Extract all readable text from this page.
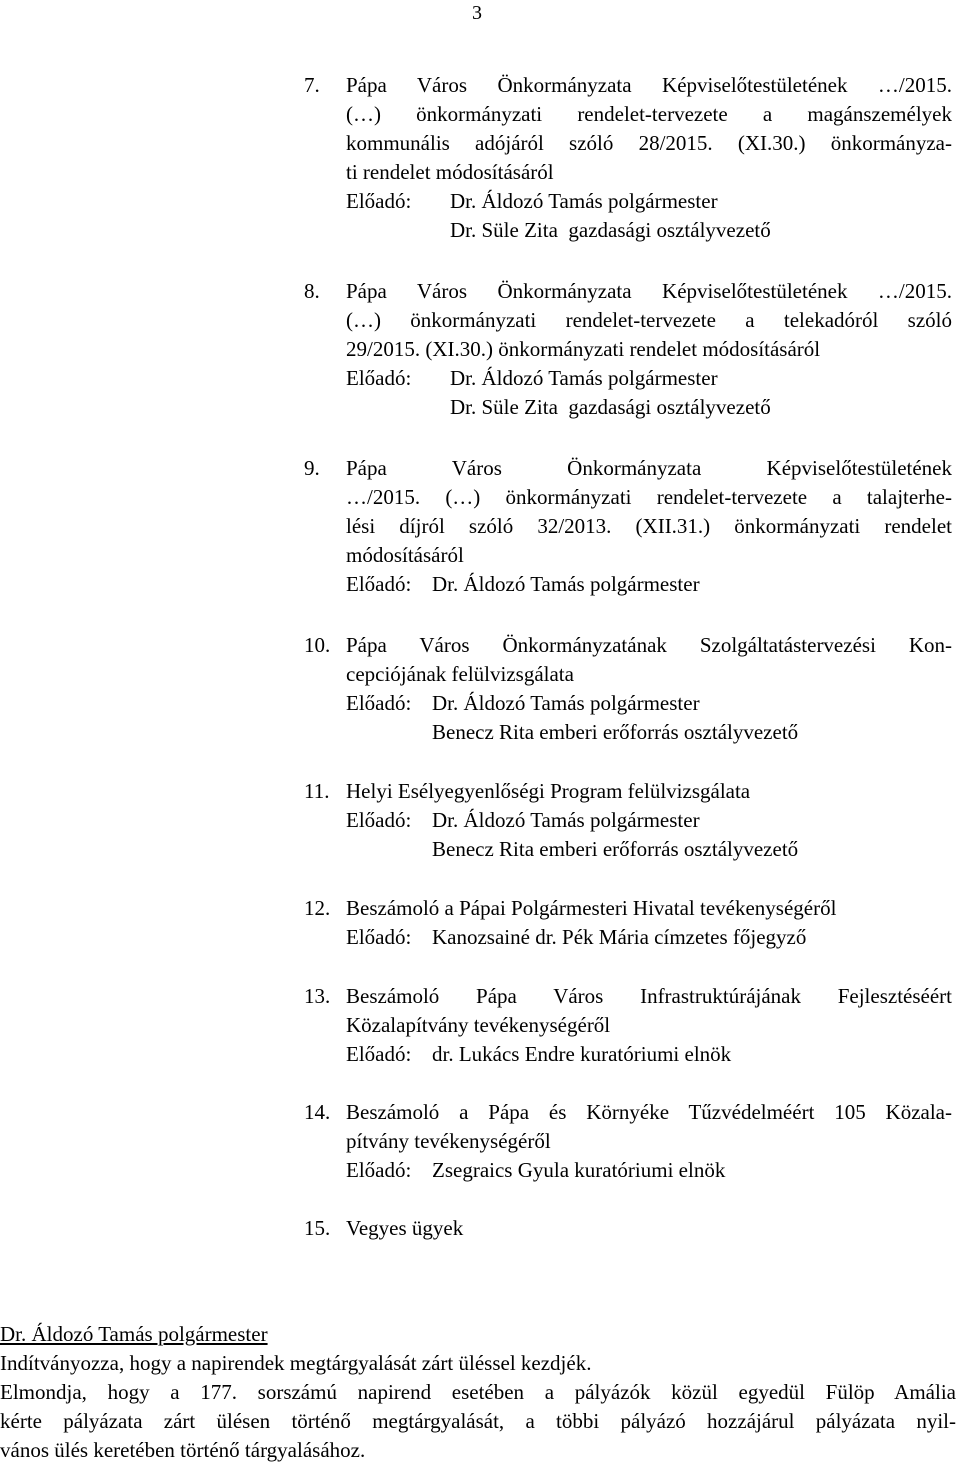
3
7. Pápa Város Önkormányzata Képviselőtestületének …/2015.
(…) önkormányzati rendelet-tervezete a magánszemélyek
kommunális adójáról szóló 28/2015. (XI.30.) önkormányza-
ti rendelet módosításáról
Előadó: Dr. Áldozó Tamás polgármester
Dr. Süle Zita  gazdasági osztályvezető
8. Pápa Város Önkormányzata Képviselőtestületének …/2015.
(…) önkormányzati rendelet-tervezete a telekadóról szóló
29/2015. (XI.30.) önkormányzati rendelet módosításáról
Előadó: Dr. Áldozó Tamás polgármester
Dr. Süle Zita  gazdasági osztályvezető
9. Pápa Város Önkormányzata Képviselőtestületének
…/2015. (…) önkormányzati rendelet-tervezete a talajterhe-
lési díjról szóló 32/2013. (XII.31.) önkormányzati rendelet
módosításáról
Előadó: Dr. Áldozó Tamás polgármester
10. Pápa Város Önkormányzatának Szolgáltatástervezési Kon-
cepciójának felülvizsgálata
Előadó: Dr. Áldozó Tamás polgármester
Benecz Rita emberi erőforrás osztályvezető
11. Helyi Esélyegyenlőségi Program felülvizsgálata
Előadó: Dr. Áldozó Tamás polgármester
Benecz Rita emberi erőforrás osztályvezető
12. Beszámoló a Pápai Polgármesteri Hivatal tevékenységéről
Előadó: Kanozsainé dr. Pék Mária címzetes főjegyző
13. Beszámoló Pápa Város Infrastruktúrájának Fejlesztéséért
Közalapítvány tevékenységéről
Előadó: dr. Lukács Endre kuratóriumi elnök
14. Beszámoló a Pápa és Környéke Tűzvédelméért 105 Közala-
pítvány tevékenységéről
Előadó: Zsegraics Gyula kuratóriumi elnök
15. Vegyes ügyek
Dr. Áldozó Tamás polgármester
Indítványozza, hogy a napirendek megtárgyalását zárt üléssel kezdjék.
Elmondja, hogy a 177. sorszámú napirend esetében a pályázók közül egyedül Fülöp Amália
kérte pályázata zárt ülésen történő megtárgyalását, a többi pályázó hozzájárul pályázata nyil-
vános ülés keretében történő tárgyalásához.
